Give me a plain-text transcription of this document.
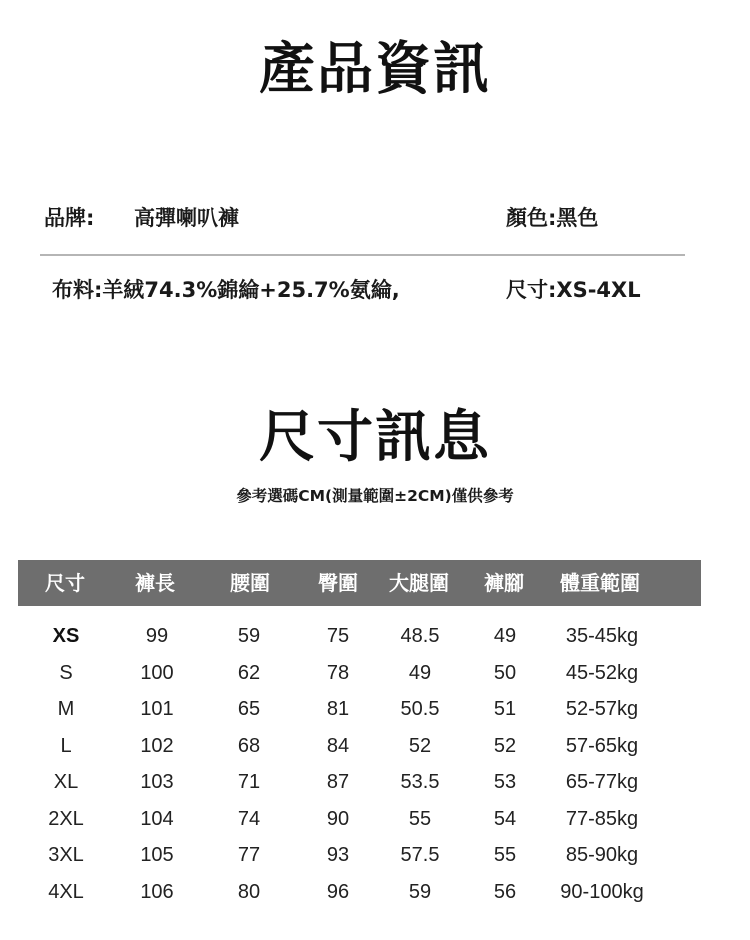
產品資訊
品牌: 高彈喇叭褲	顏色:黑色
布料:羊絨74.3%錦綸+25.7%氨綸,	尺寸:XS-4XL
尺寸訊息
參考選碼CM(測量範圍±2CM)僅供參考
尺寸	褲長	腰圍	臀圍	大腿圍	褲腳	體重範圍
XS	99	59	75	48.5	49	35-45kg
S	100	62	78	49	50	45-52kg
M	101	65	81	50.5	51	52-57kg
L	102	68	84	52	52	57-65kg
XL	103	71	87	53.5	53	65-77kg
2XL	104	74	90	55	54	77-85kg
3XL	105	77	93	57.5	55	85-90kg
4XL	106	80	96	59	56	90-100kg
